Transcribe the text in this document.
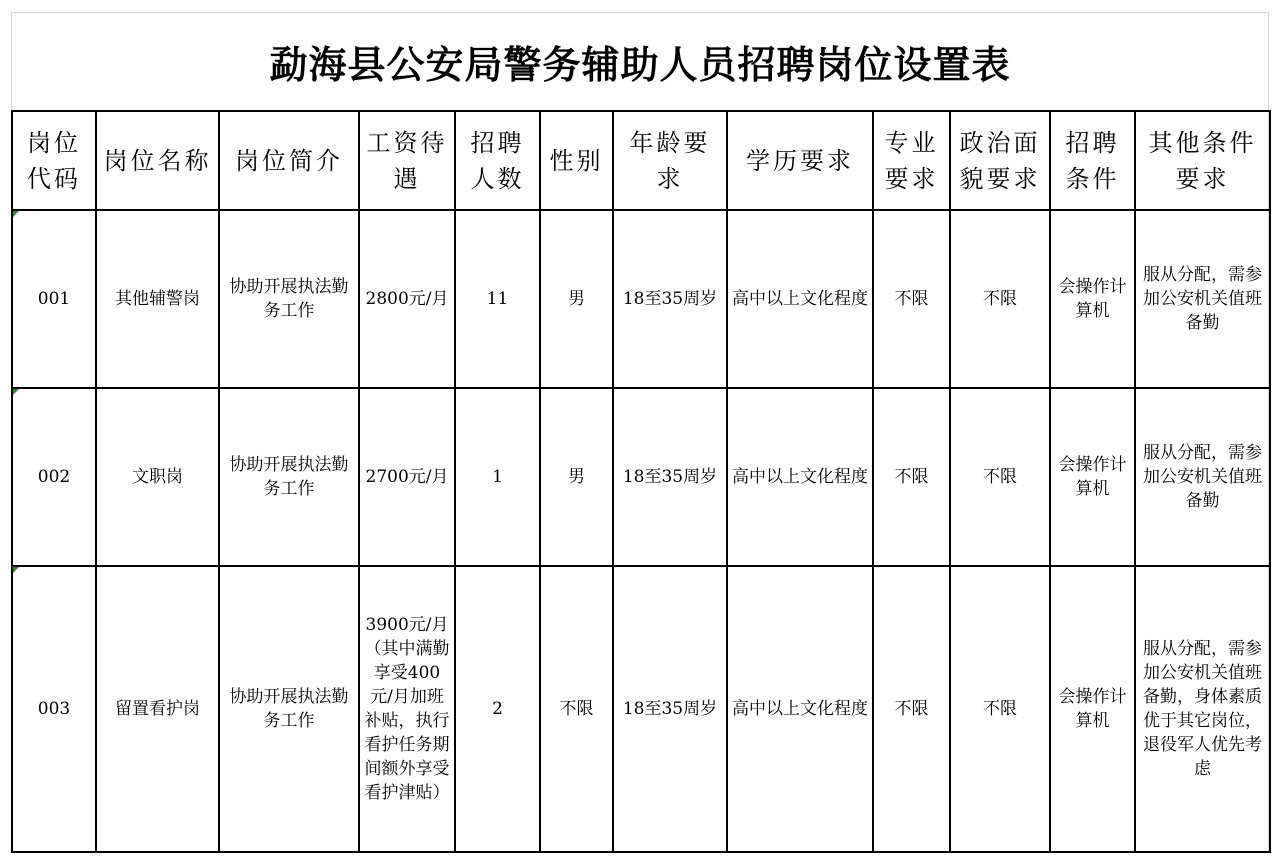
勐海县公安局警务辅助人员招聘岗位设置表
岗位代码	岗位名称	岗位简介	工资待遇	招聘人数	性别	年龄要求	学历要求	专业要求	政治面貌要求	招聘条件	其他条件要求

001	其他辅警岗	协助开展执法勤务工作	2800元/月	11	男	18至35周岁	高中以上文化程度	不限	不限	会操作计算机	服从分配，需参加公安机关值班备勤

002	文职岗	协助开展执法勤务工作	2700元/月	1	男	18至35周岁	高中以上文化程度	不限	不限	会操作计算机	服从分配，需参加公安机关值班备勤

003	留置看护岗	协助开展执法勤务工作	3900元/月（其中满勤享受400元/月加班补贴，执行看护任务期间额外享受看护津贴）	2	不限	18至35周岁	高中以上文化程度	不限	不限	会操作计算机	服从分配，需参加公安机关值班备勤，身体素质优于其它岗位，退役军人优先考虑
